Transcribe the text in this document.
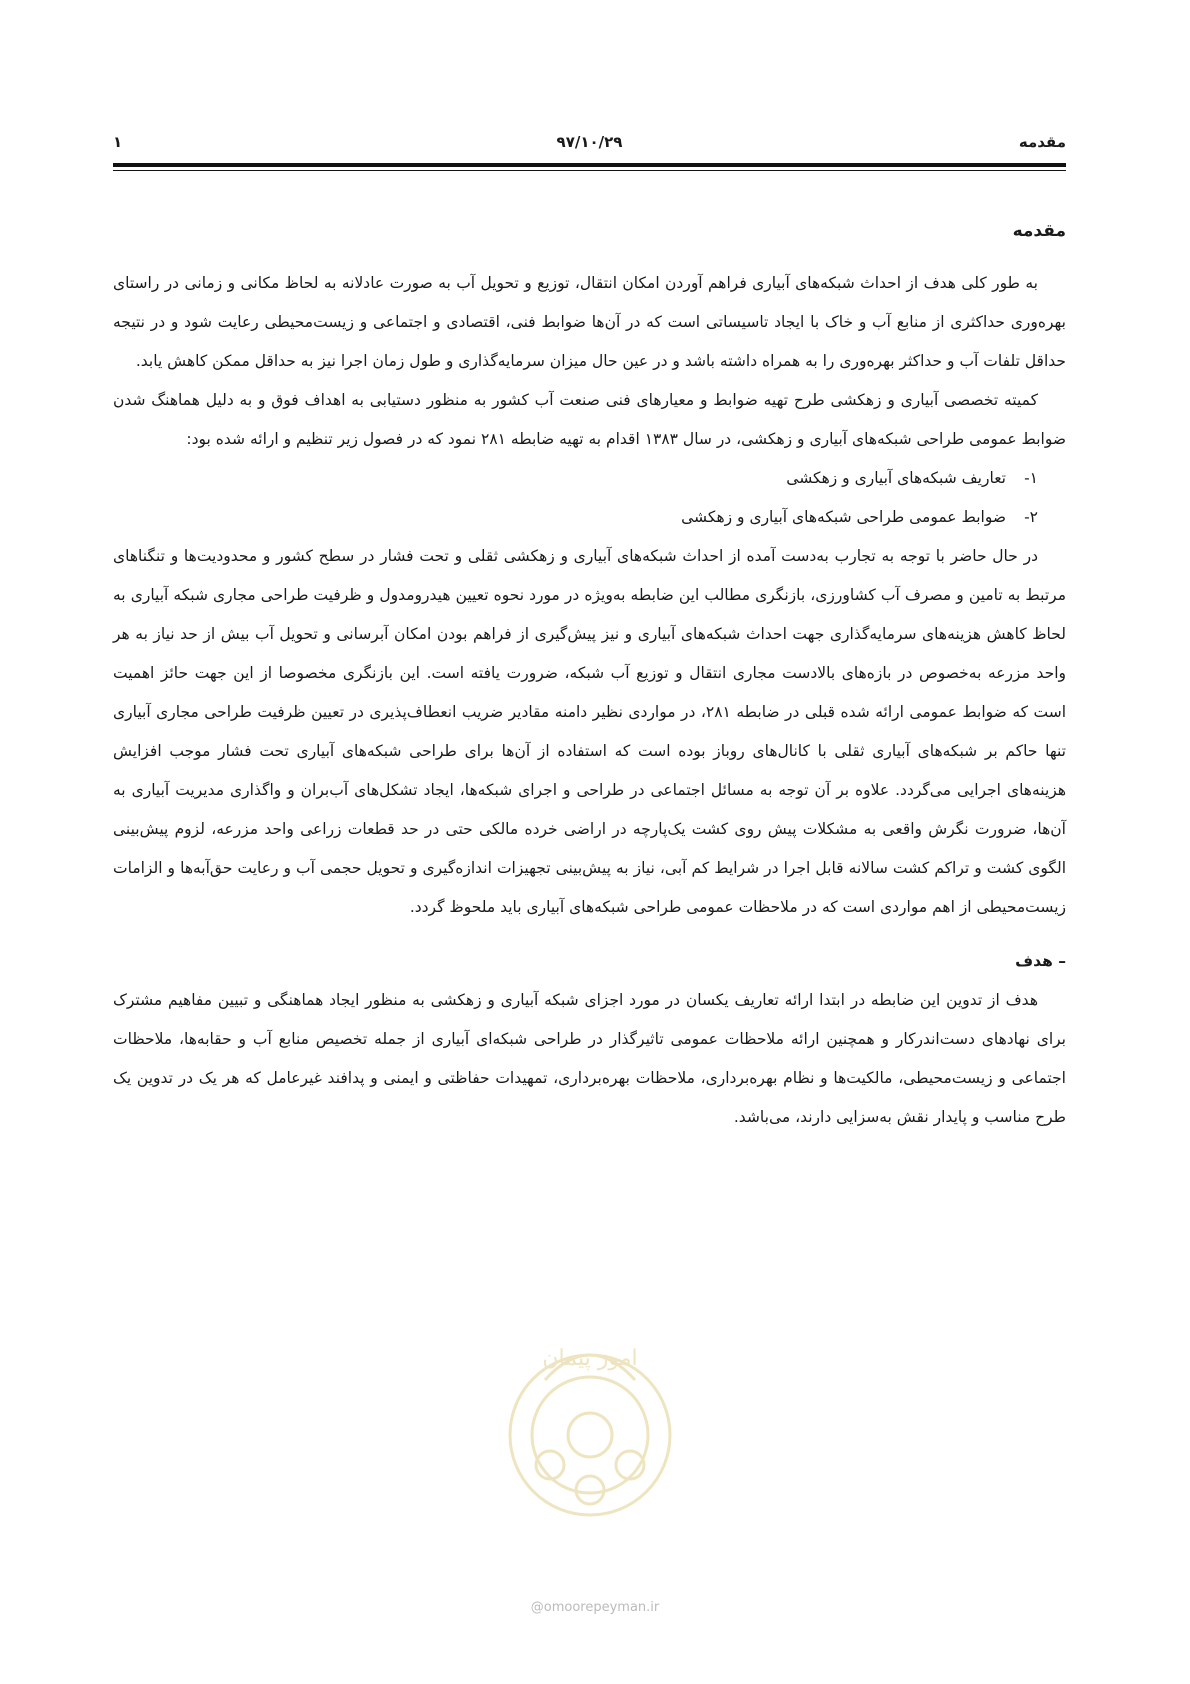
مقدمه
۹۷/۱۰/۲۹
۱
مقدمه

به طور کلی هدف از احداث شبکه‌های آبیاری فراهم آوردن امکان انتقال، توزیع و تحویل آب به صورت عادلانه به لحاظ مکانی و زمانی در راستای بهره‌وری حداکثری از منابع آب و خاک با ایجاد تاسیساتی است که در آن‌ها ضوابط فنی، اقتصادی و اجتماعی و زیست‌محیطی رعایت شود و در نتیجه حداقل تلفات آب و حداکثر بهره‌وری را به همراه داشته باشد و در عین حال میزان سرمایه‌گذاری و طول زمان اجرا نیز به حداقل ممکن کاهش یابد.

کمیته تخصصی آبیاری و زهکشی طرح تهیه ضوابط و معیارهای فنی صنعت آب کشور به منظور دستیابی به اهداف فوق و به دلیل هماهنگ شدن ضوابط عمومی طراحی شبکه‌های آبیاری و زهکشی، در سال ۱۳۸۳ اقدام به تهیه ضابطه ۲۸۱ نمود که در فصول زیر تنظیم و ارائه شده بود:

۱-
تعاریف شبکه‌های آبیاری و زهکشی
۲-
ضوابط عمومی طراحی شبکه‌های آبیاری و زهکشی

در حال حاضر با توجه به تجارب به‌دست آمده از احداث شبکه‌های آبیاری و زهکشی ثقلی و تحت فشار در سطح کشور و محدودیت‌ها و تنگناهای مرتبط به تامین و مصرف آب کشاورزی، بازنگری مطالب این ضابطه به‌ویژه در مورد نحوه تعیین هیدرومدول و ظرفیت طراحی مجاری شبکه آبیاری به لحاظ کاهش هزینه‌های سرمایه‌گذاری جهت احداث شبکه‌های آبیاری و نیز پیش‌گیری از فراهم بودن امکان آبرسانی و تحویل آب بیش از حد نیاز به هر واحد مزرعه به‌خصوص در بازه‌های بالادست مجاری انتقال و توزیع آب شبکه، ضرورت یافته است. این بازنگری مخصوصا از این جهت حائز اهمیت است که ضوابط عمومی ارائه شده قبلی در ضابطه ۲۸۱، در مواردی نظیر دامنه مقادیر ضریب انعطاف‌پذیری در تعیین ظرفیت طراحی مجاری آبیاری تنها حاکم بر شبکه‌های آبیاری ثقلی با کانال‌های روباز بوده است که استفاده از آن‌ها برای طراحی شبکه‌های آبیاری تحت فشار موجب افزایش هزینه‌های اجرایی می‌گردد. علاوه بر آن توجه به مسائل اجتماعی در طراحی و اجرای شبکه‌ها، ایجاد تشکل‌های آب‌بران و واگذاری مدیریت آبیاری به آن‌ها، ضرورت نگرش واقعی به مشکلات پیش روی کشت یک‌پارچه در اراضی خرده مالکی حتی در حد قطعات زراعی واحد مزرعه، لزوم پیش‌بینی الگوی کشت و تراکم کشت سالانه قابل اجرا در شرایط کم آبی، نیاز به پیش‌بینی تجهیزات اندازه‌گیری و تحویل حجمی آب و رعایت حق‌آبه‌ها و الزامات زیست‌محیطی از اهم مواردی است که در ملاحظات عمومی طراحی شبکه‌های آبیاری باید ملحوظ گردد.

– هدف

هدف از تدوین این ضابطه در ابتدا ارائه تعاریف یکسان در مورد اجزای شبکه آبیاری و زهکشی به منظور ایجاد هماهنگی و تبیین مفاهیم مشترک برای نهادهای دست‌اندرکار و همچنین ارائه ملاحظات عمومی تاثیرگذار در طراحی شبکه‌ای آبیاری از جمله تخصیص منابع آب و حقابه‌ها، ملاحظات اجتماعی و زیست‌محیطی، مالکیت‌ها و نظام بهره‌برداری، ملاحظات بهره‌برداری، تمهیدات حفاظتی و ایمنی و پدافند غیرعامل که هر یک در تدوین یک طرح مناسب و پایدار نقش به‌سزایی دارند، می‌باشد.

امور پیمان
@omoorepeyman.ir
